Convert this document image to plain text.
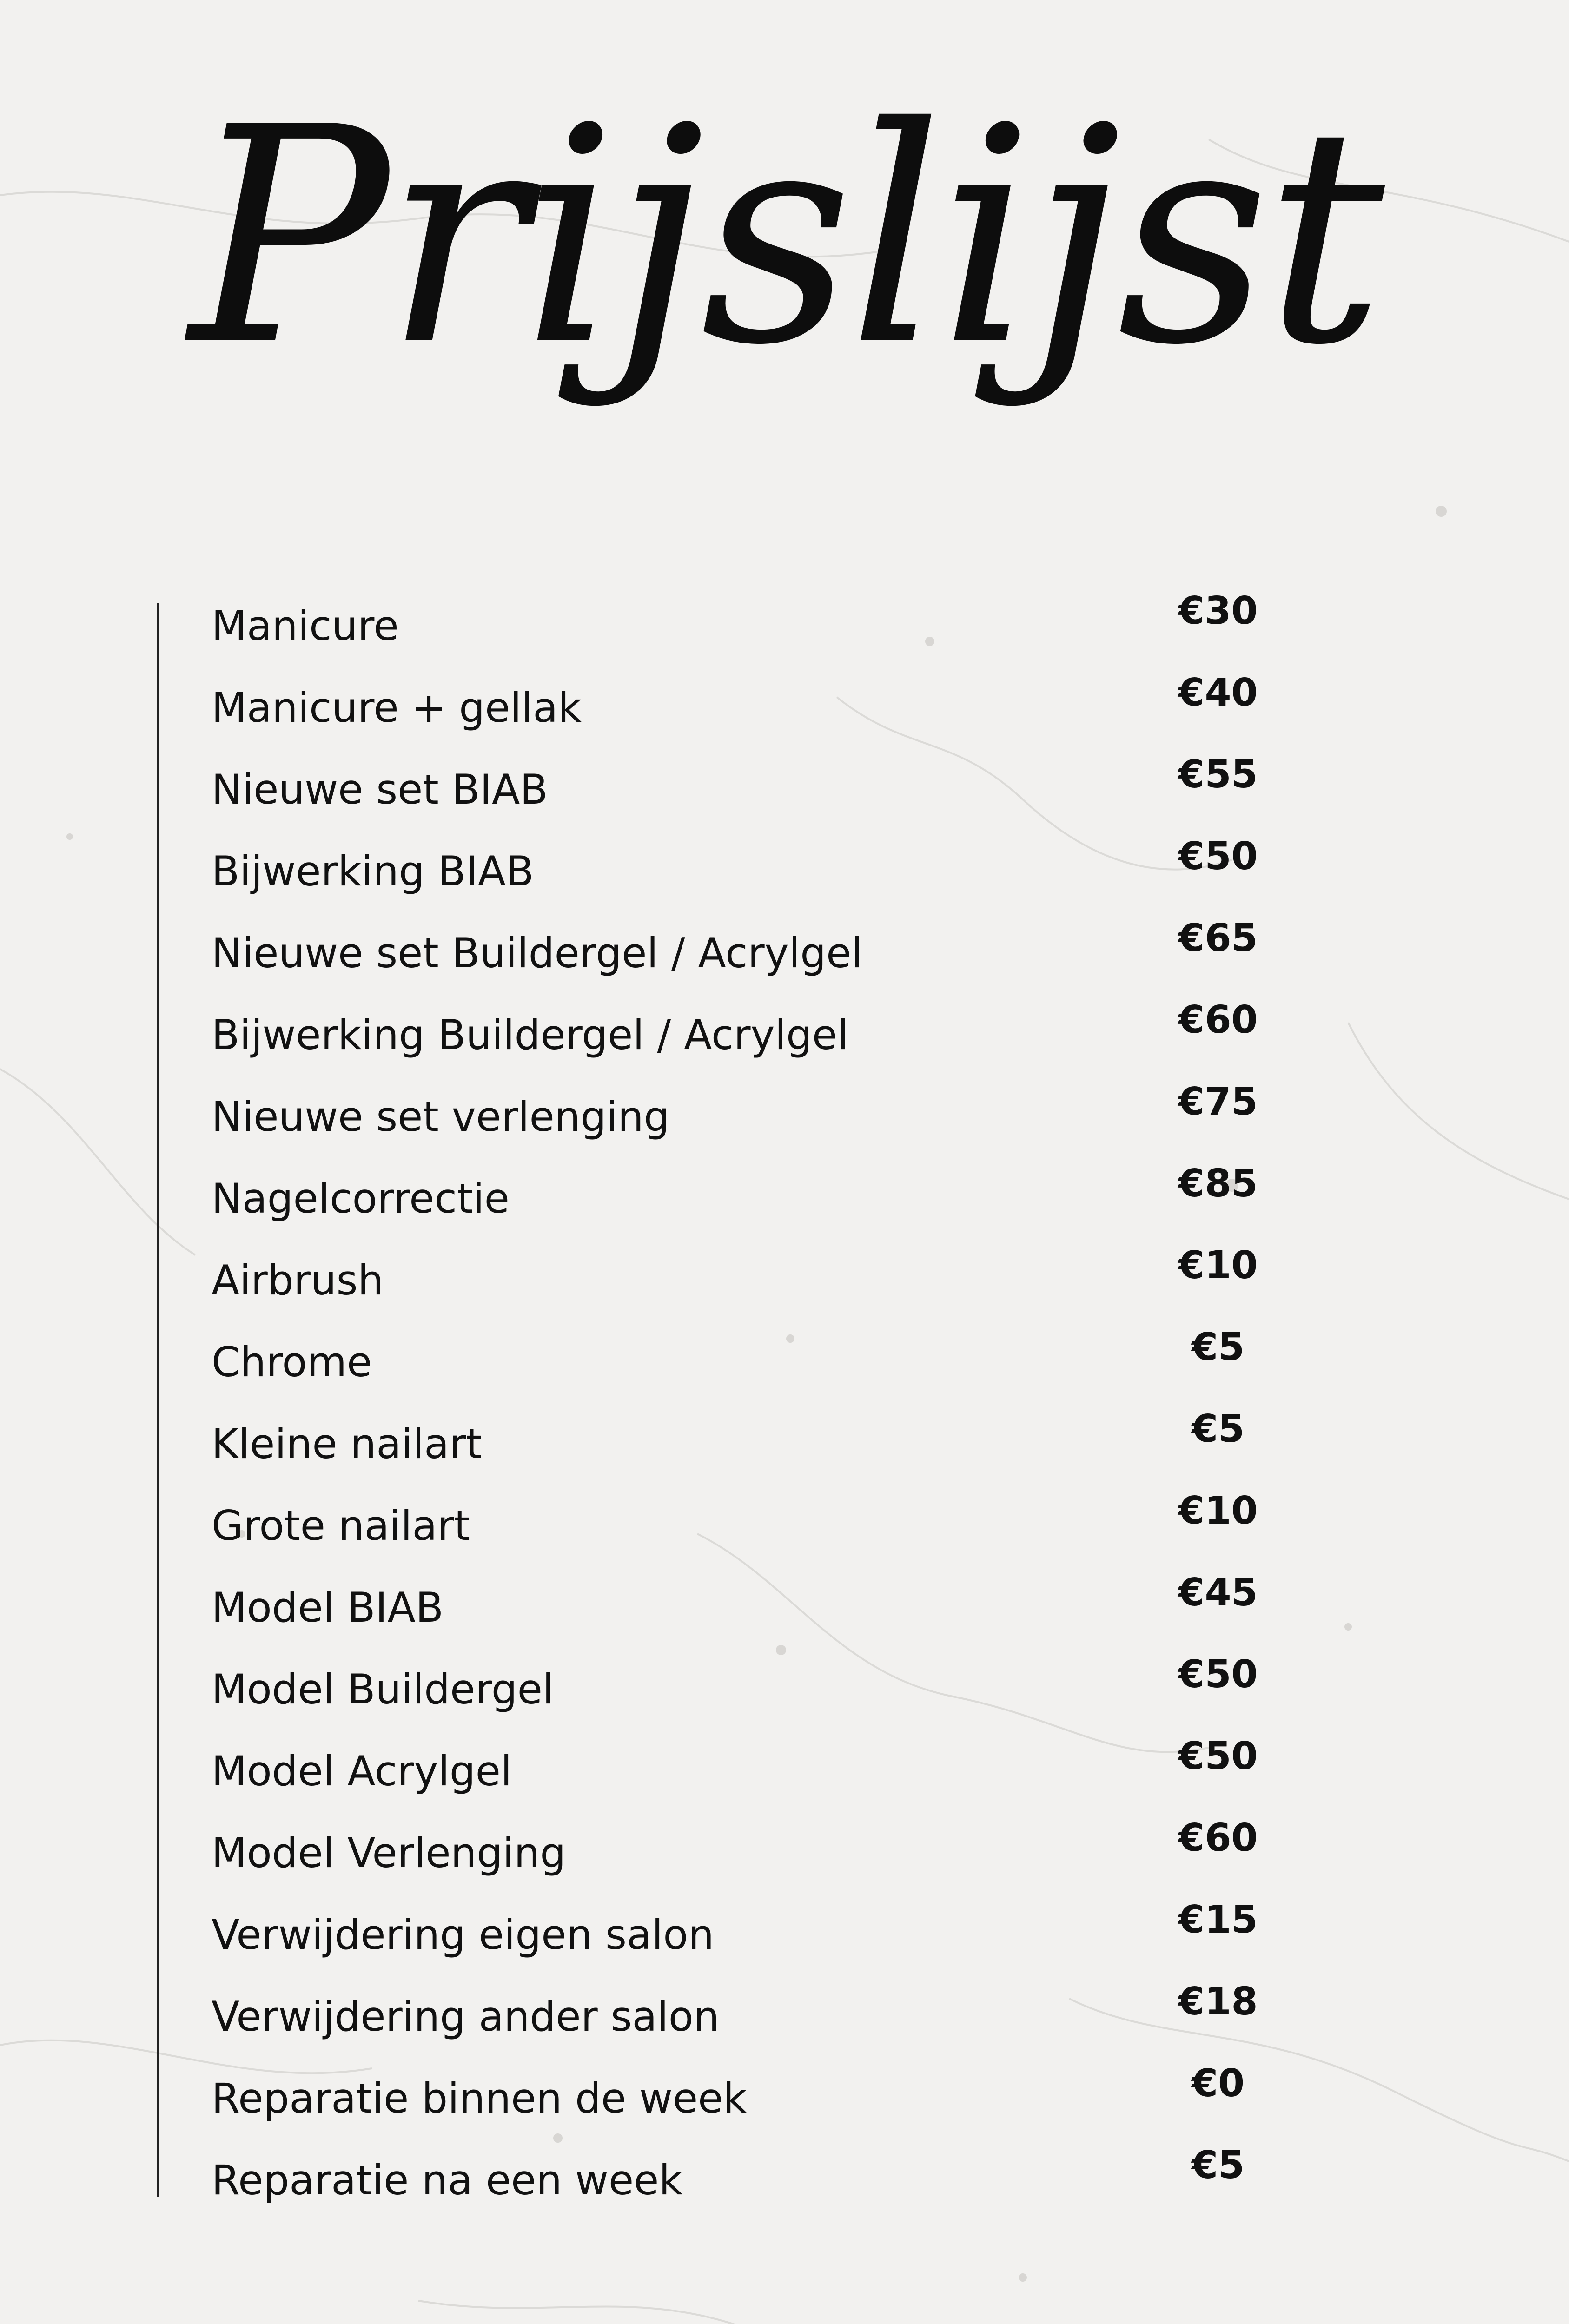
Prijslijst
Manicure	€30
Manicure + gellak	€40
Nieuwe set BIAB	€55
Bijwerking BIAB	€50
Nieuwe set Buildergel / Acrylgel	€65
Bijwerking Buildergel / Acrylgel	€60
Nieuwe set verlenging	€75
Nagelcorrectie	€85
Airbrush	€10
Chrome	€5
Kleine nailart	€5
Grote nailart	€10
Model BIAB	€45
Model Buildergel	€50
Model Acrylgel	€50
Model Verlenging	€60
Verwijdering eigen salon	€15
Verwijdering ander salon	€18
Reparatie binnen de week	€0
Reparatie na een week	€5
